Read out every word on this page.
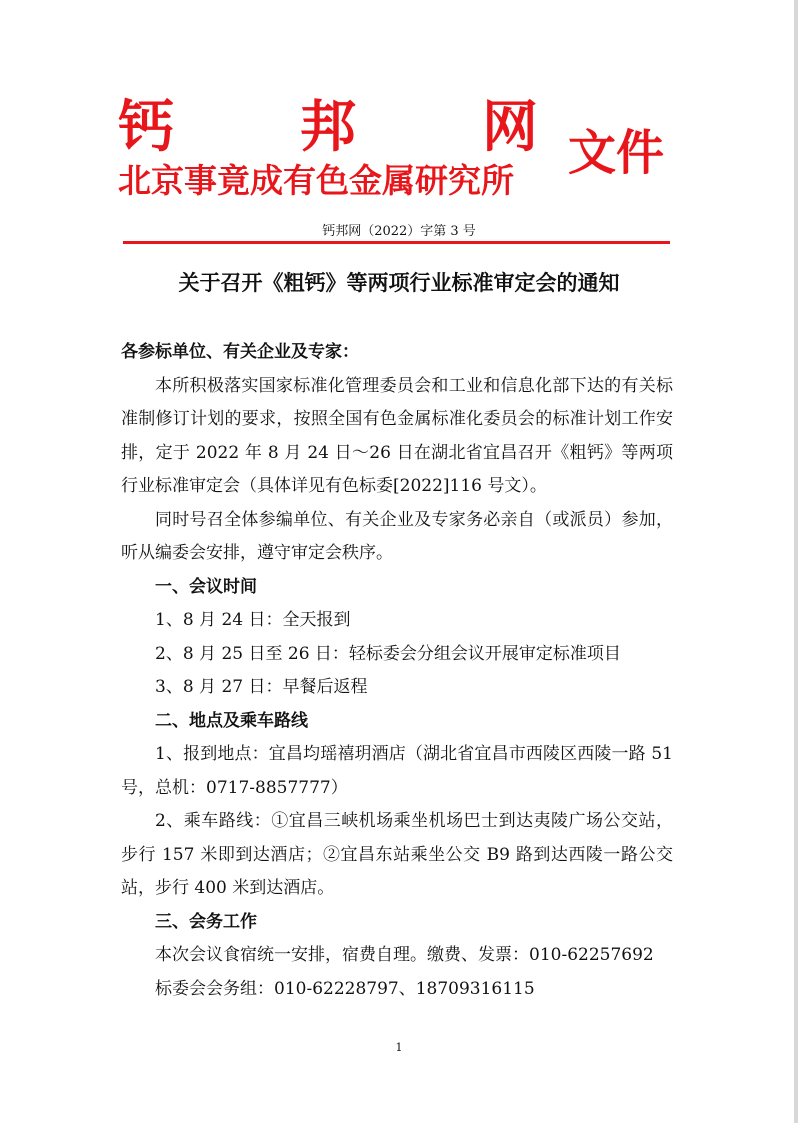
钙　　邦　　网
北京事竟成有色金属研究所	文件
钙邦网（2022）字第 3 号
关于召开《粗钙》等两项行业标准审定会的通知

各参标单位、有关企业及专家：

本所积极落实国家标准化管理委员会和工业和信息化部下达的有关标准制修订计划的要求，按照全国有色金属标准化委员会的标准计划工作安排，定于 2022 年 8 月 24 日～26 日在湖北省宜昌召开《粗钙》等两项行业标准审定会（具体详见有色标委[2022]116 号文）。

同时号召全体参编单位、有关企业及专家务必亲自（或派员）参加，听从编委会安排，遵守审定会秩序。

一、会议时间

1、8 月 24 日：全天报到

2、8 月 25 日至 26 日：轻标委会分组会议开展审定标准项目

3、8 月 27 日：早餐后返程

二、地点及乘车路线

1、报到地点：宜昌均瑶禧玥酒店（湖北省宜昌市西陵区西陵一路 51 号，总机：0717-8857777）

2、乘车路线：①宜昌三峡机场乘坐机场巴士到达夷陵广场公交站，步行 157 米即到达酒店；②宜昌东站乘坐公交 B9 路到达西陵一路公交站，步行 400 米到达酒店。

三、会务工作

本次会议食宿统一安排，宿费自理。缴费、发票：010-62257692

标委会会务组：010-62228797、18709316115

1
